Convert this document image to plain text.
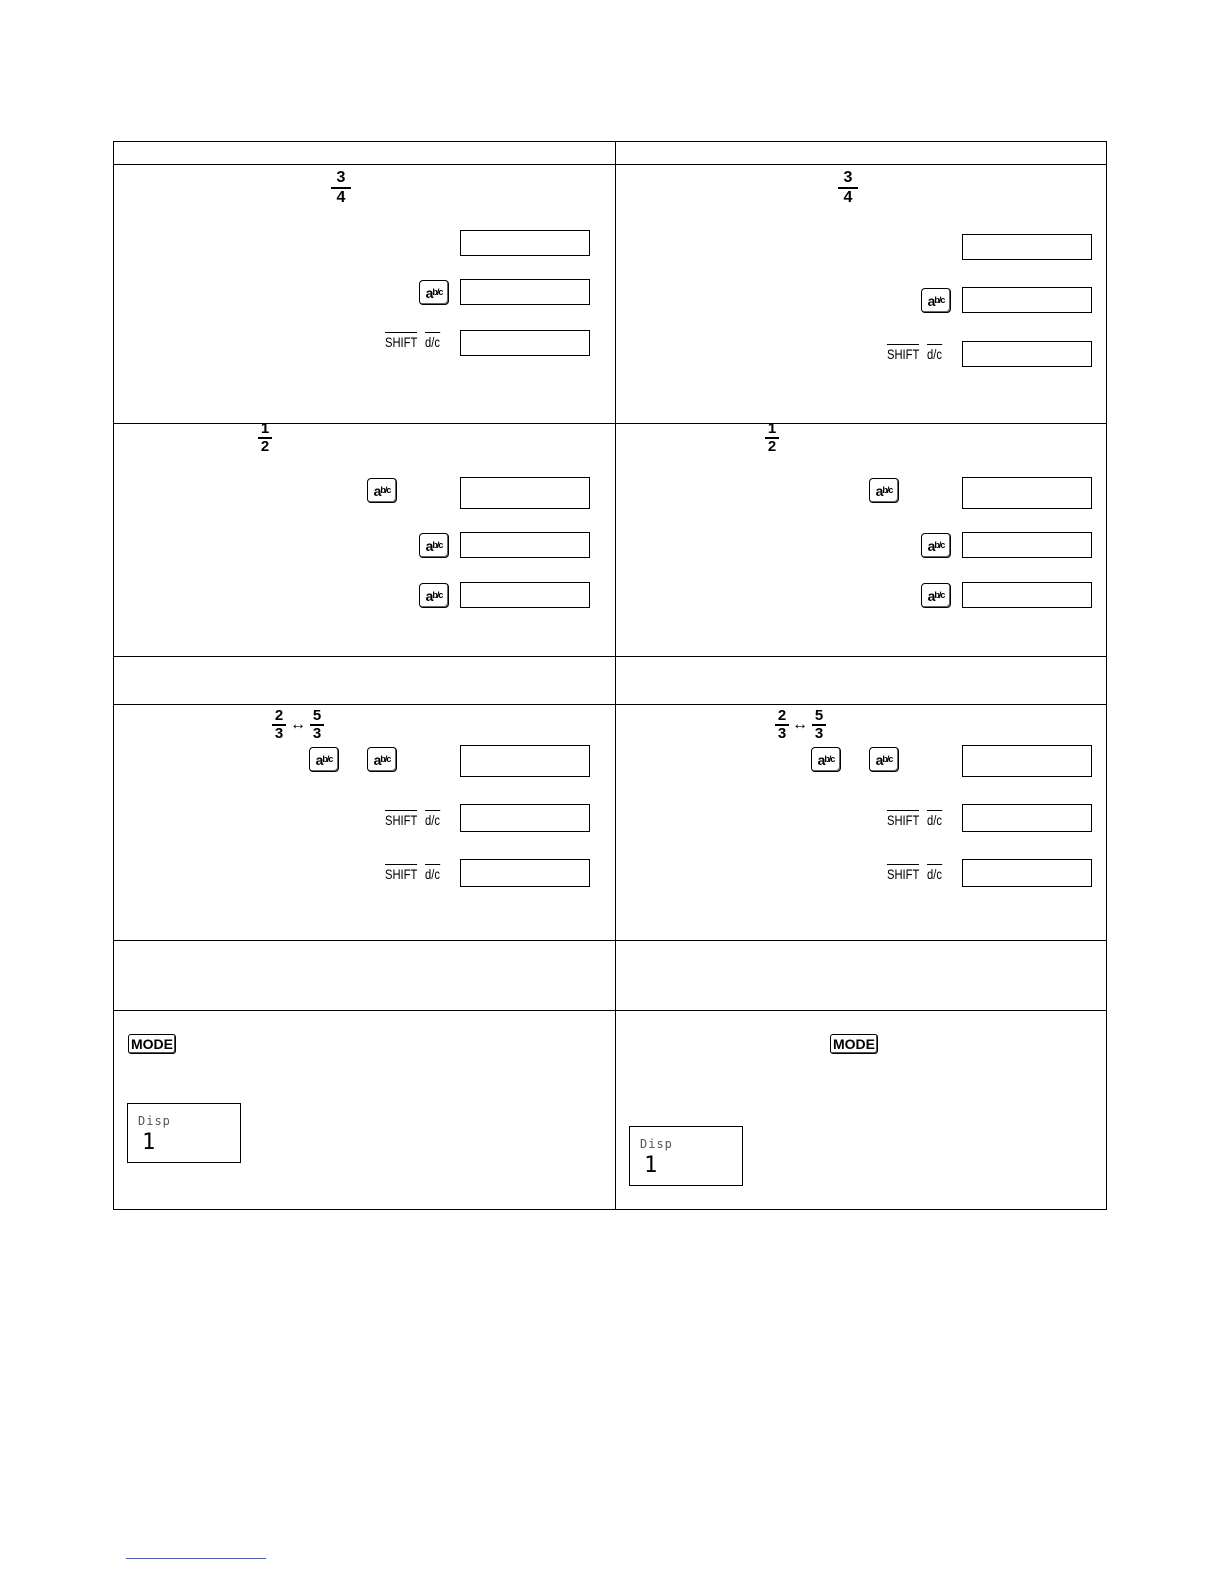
3
4
$a^{b/c}$
SHIFT d/c
3
4
$a^{b/c}$
SHIFT d/c
1
2
$a^{b/c}$
$a^{b/c}$
$a^{b/c}$
1
2
$a^{b/c}$
$a^{b/c}$
$a^{b/c}$
2
3
↔
5
3
$a^{b/c}$	$a^{b/c}$
SHIFT d/c
SHIFT d/c
2
3
↔
5
3
$a^{b/c}$	$a^{b/c}$
SHIFT d/c
SHIFT d/c
MODE
Disp
1
MODE
Disp
1
